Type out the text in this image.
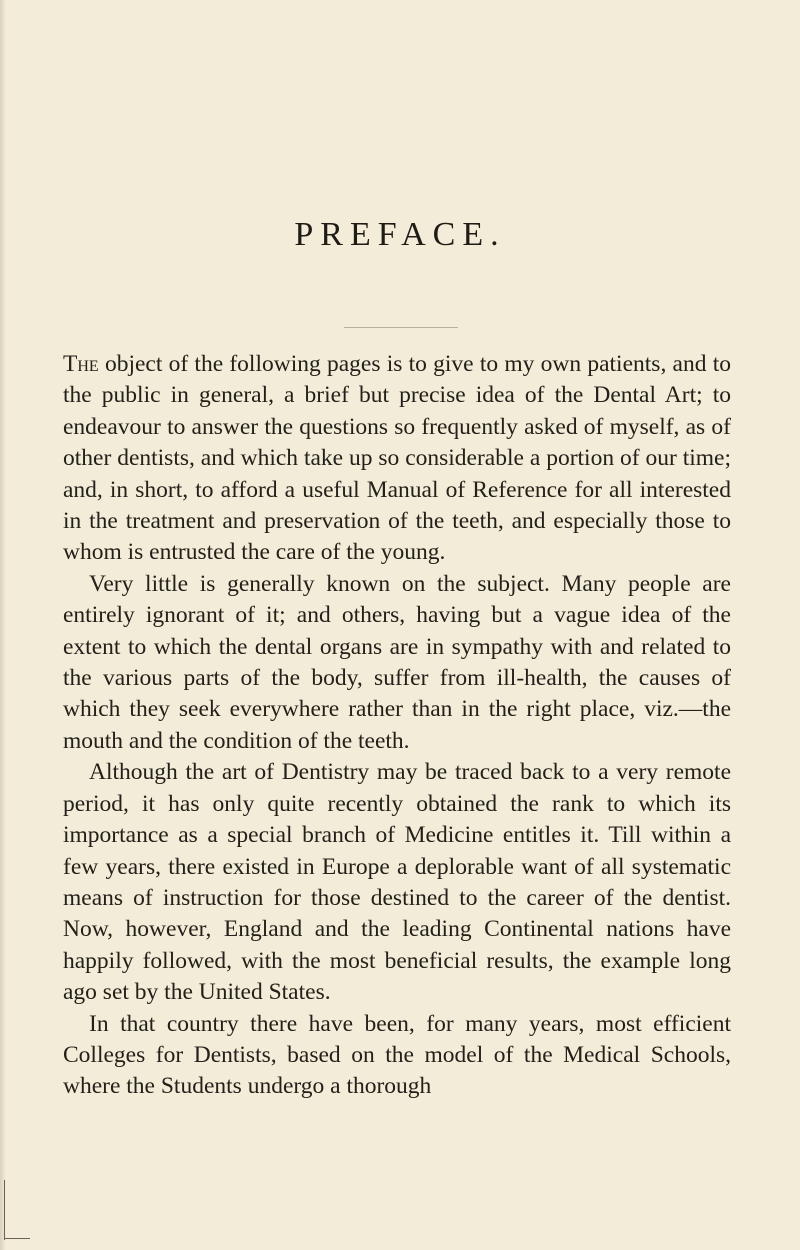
PREFACE.

The object of the following pages is to give to my own patients, and to the public in general, a brief but precise idea of the Dental Art; to endeavour to answer the questions so frequently asked of myself, as of other dentists, and which take up so considerable a portion of our time; and, in short, to afford a useful Manual of Reference for all interested in the treatment and preservation of the teeth, and especially those to whom is entrusted the care of the young.

Very little is generally known on the subject. Many people are entirely ignorant of it; and others, having but a vague idea of the extent to which the dental organs are in sympathy with and related to the various parts of the body, suffer from ill-health, the causes of which they seek everywhere rather than in the right place, viz.—the mouth and the condition of the teeth.

Although the art of Dentistry may be traced back to a very remote period, it has only quite recently obtained the rank to which its importance as a special branch of Medicine entitles it. Till within a few years, there existed in Europe a deplorable want of all systematic means of instruction for those destined to the career of the dentist. Now, however, England and the leading Continental nations have happily followed, with the most beneficial results, the example long ago set by the United States.

In that country there have been, for many years, most efficient Colleges for Dentists, based on the model of the Medical Schools, where the Students undergo a thorough
